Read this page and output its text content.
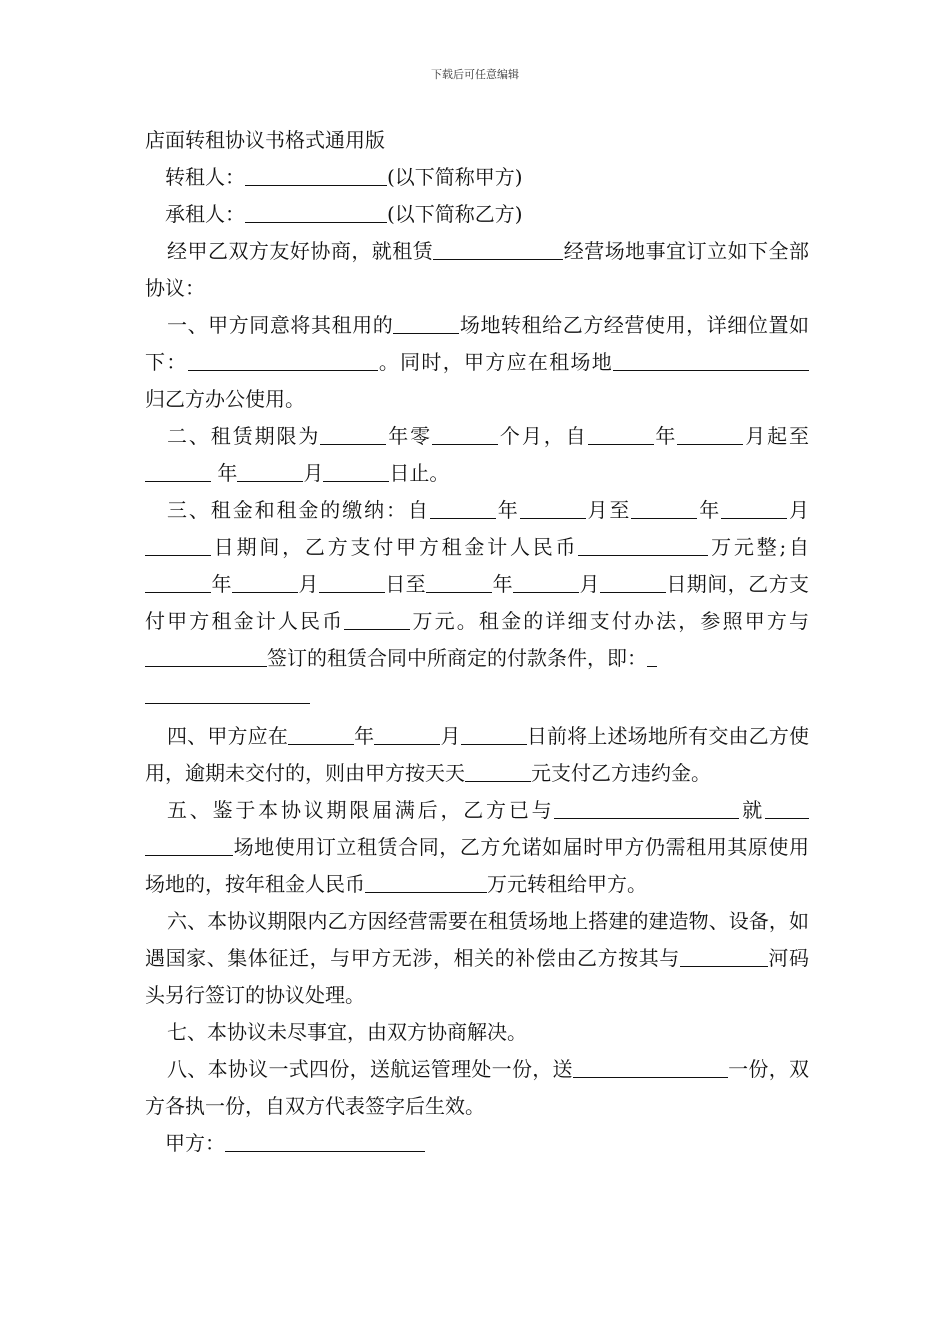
下载后可任意编辑

店面转租协议书格式通用版

转租人：	(以下简称甲方)

承租人：	(以下简称乙方)

经甲乙双方友好协商，就租赁	经营场地事宜订立如下全部协议：

一、甲方同意将其租用的	场地转租给乙方经营使用，详细位置如下：	。同时，甲方应在租场地归乙方办公使用。

二、租赁期限为	年零	个月，自	年	月起至 年	月	日止。

三、租金和租金的缴纳：自	年	月至	年	月日期间，乙方支付甲方租金计人民币	万元整;自年	月	日至	年	月	日期间，乙方支付甲方租金计人民币	万元。租金的详细支付办法，参照甲方与签订的租赁合同中所商定的付款条件，即：

四、甲方应在	年	月	日前将上述场地所有交由乙方使用，逾期未交付的，则由甲方按天天	元支付乙方违约金。

五、鉴于本协议期限届满后，乙方已与	就场地使用订立租赁合同，乙方允诺如届时甲方仍需租用其原使用场地的，按年租金人民币	万元转租给甲方。

六、本协议期限内乙方因经营需要在租赁场地上搭建的建造物、设备，如遇国家、集体征迁，与甲方无涉，相关的补偿由乙方按其与	河码头另行签订的协议处理。

七、本协议未尽事宜，由双方协商解决。

八、本协议一式四份，送航运管理处一份，送	一份，双方各执一份，自双方代表签字后生效。

甲方：
